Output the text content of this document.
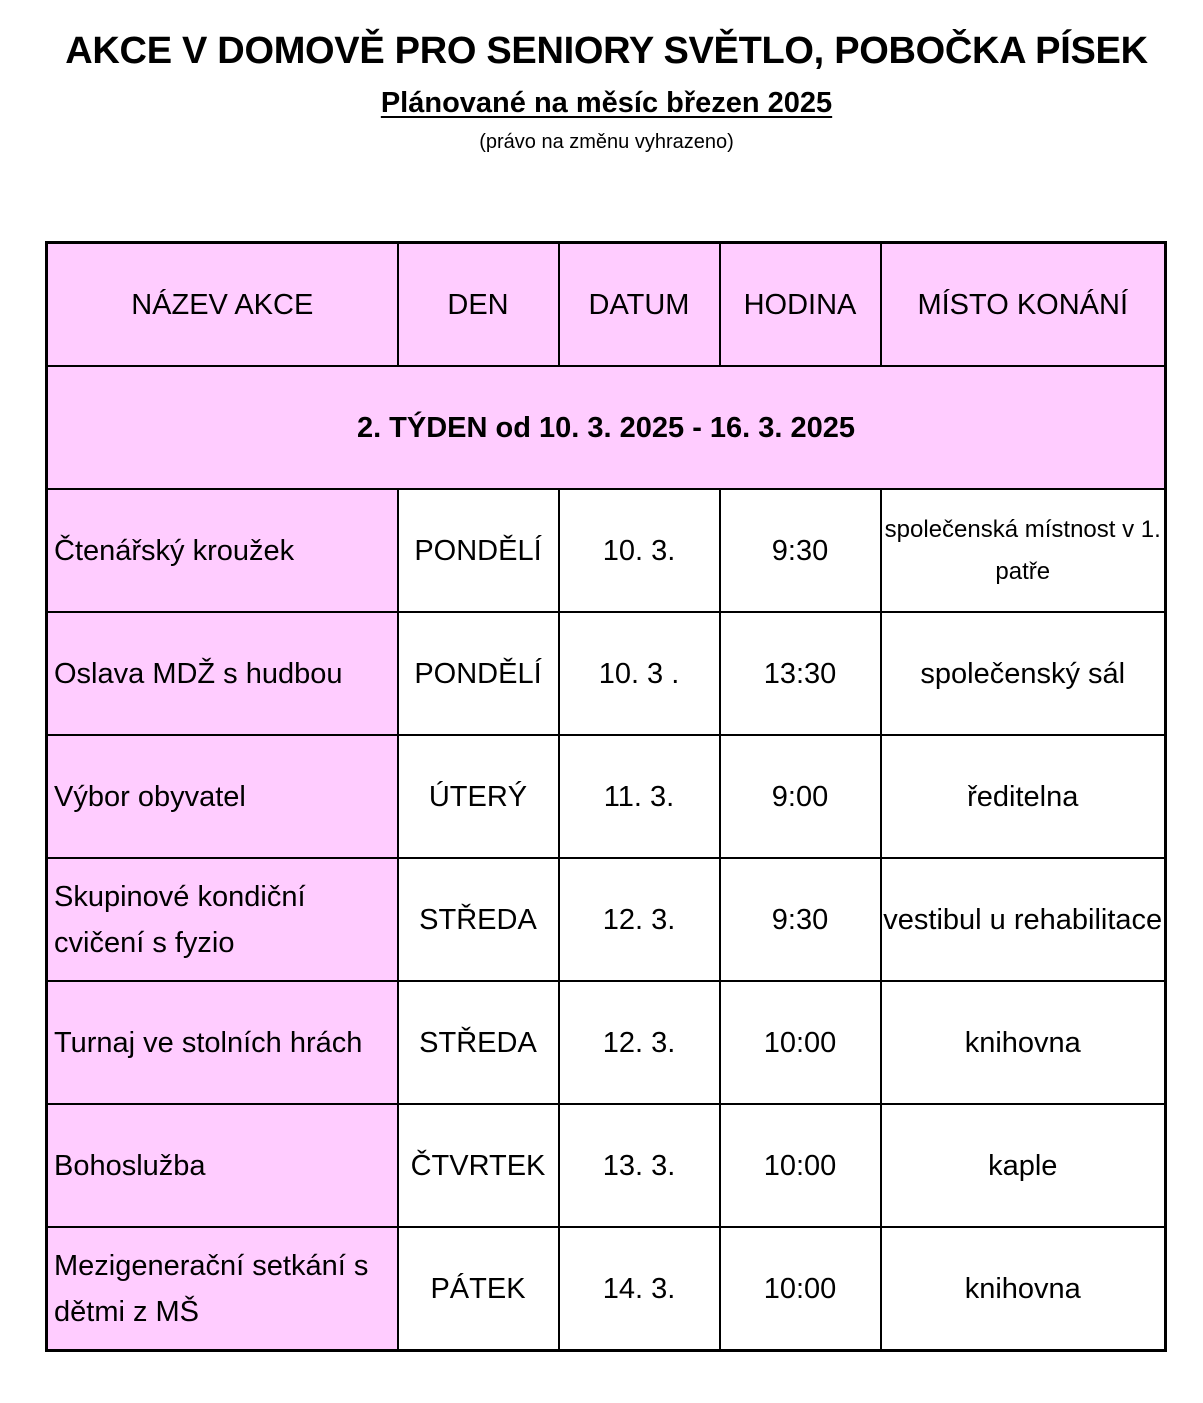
AKCE V DOMOVĚ PRO SENIORY SVĚTLO, POBOČKA PÍSEK
Plánované na měsíc březen 2025
(právo na změnu vyhrazeno)
NÁZEV AKCE	DEN	DATUM	HODINA	MÍSTO KONÁNÍ
2. TÝDEN od 10. 3. 2025 - 16. 3. 2025				
Čtenářský kroužek	PONDĚLÍ	10. 3.	9:30	společenská místnost v 1. patře
Oslava MDŽ s hudbou	PONDĚLÍ	10. 3 .	13:30	společenský sál
Výbor obyvatel	ÚTERÝ	11. 3.	9:00	ředitelna
Skupinové kondiční cvičení s fyzio	STŘEDA	12. 3.	9:30	vestibul u rehabilitace
Turnaj ve stolních hrách	STŘEDA	12. 3.	10:00	knihovna
Bohoslužba	ČTVRTEK	13. 3.	10:00	kaple
Mezigenerační setkání s dětmi z MŠ	PÁTEK	14. 3.	10:00	knihovna
